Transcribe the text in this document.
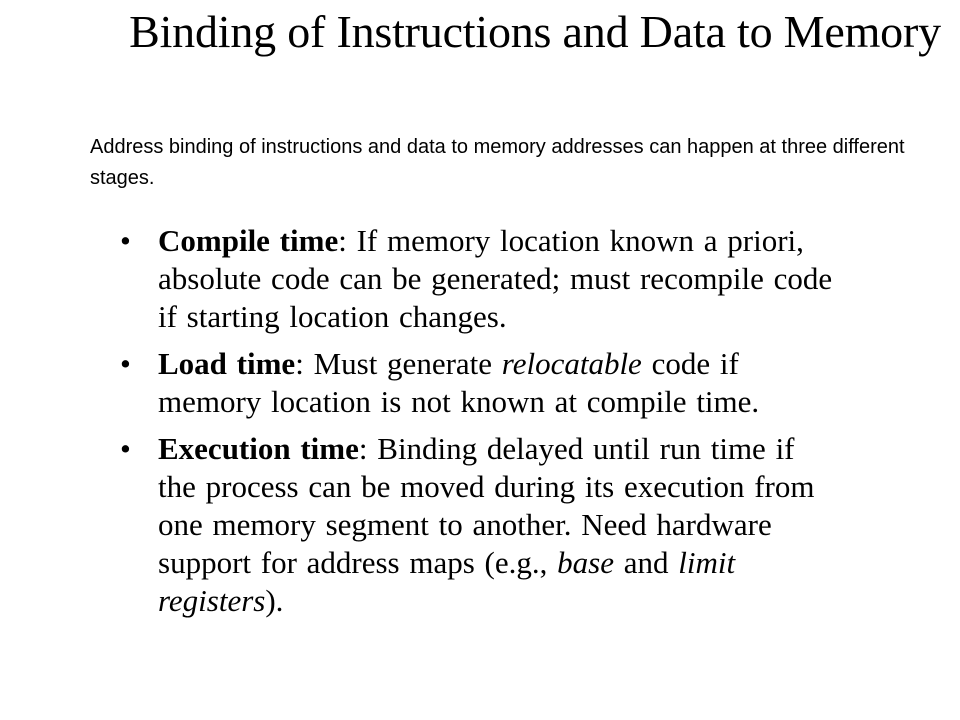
Binding of Instructions and Data to Memory

Address binding of instructions and data to memory addresses can happen at three different stages.

• Compile time: If memory location known a priori, absolute code can be generated; must recompile code if starting location changes.
• Load time: Must generate relocatable code if memory location is not known at compile time.
• Execution time: Binding delayed until run time if the process can be moved during its execution from one memory segment to another. Need hardware support for address maps (e.g., base and limit registers).
